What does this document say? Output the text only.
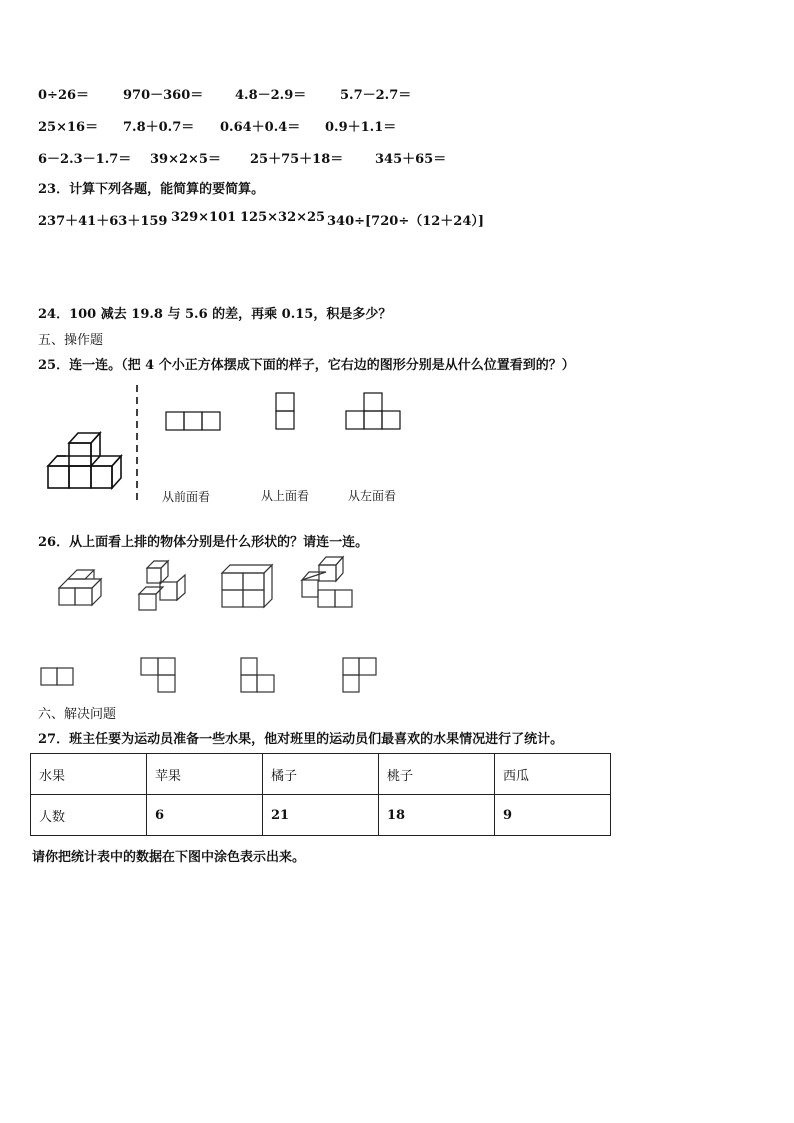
0÷26＝	970－360＝ 4.8－2.9＝	5.7－2.7＝
25×16＝ 7.8＋0.7＝ 0.64＋0.4＝ 0.9＋1.1＝
6－2.3－1.7＝ 39×2×5＝ 25＋75＋18＝ 345＋65＝
23．计算下列各题，能简算的要简算。
237＋41＋63＋159 329×101 125×32×25 340÷[720÷（12＋24）]
24．100 减去 19.8 与 5.6 的差，再乘 0.15，积是多少？
五、操作题
25．连一连。（把 4 个小正方体摆成下面的样子，它右边的图形分别是从什么位置看到的？）
从前面看	从上面看	从左面看
26．从上面看上排的物体分别是什么形状的？请连一连。
六、解决问题
27．班主任要为运动员准备一些水果，他对班里的运动员们最喜欢的水果情况进行了统计。
水果	苹果	橘子	桃子	西瓜
人数	6	21	18	9
请你把统计表中的数据在下图中涂色表示出来。
